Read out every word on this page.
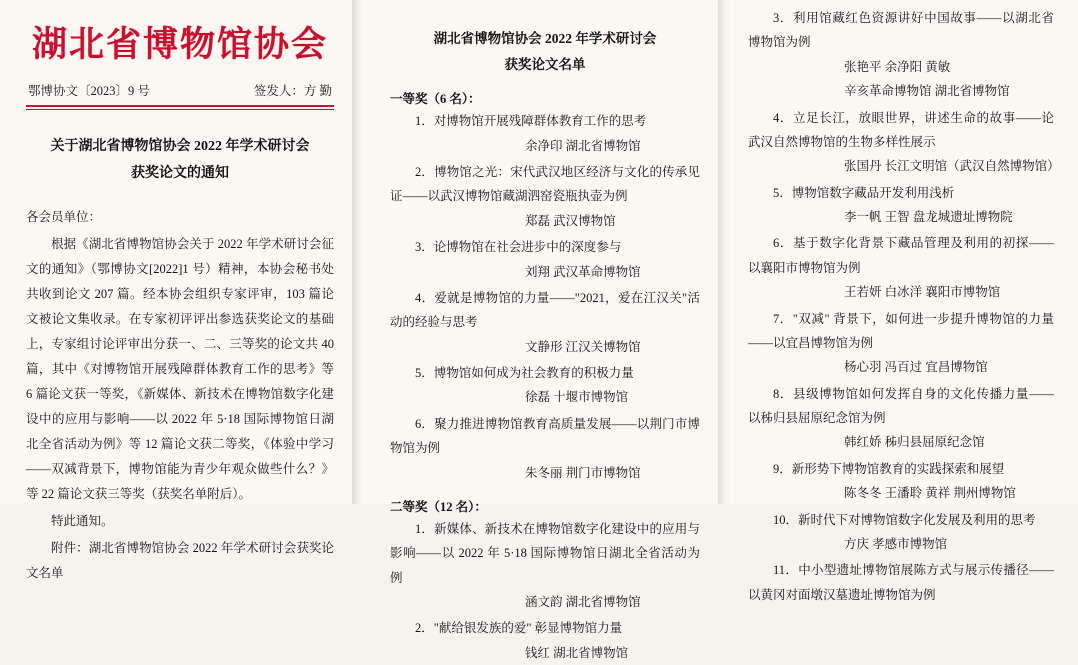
湖北省博物馆协会
鄂博协文〔2023〕9 号	签发人：方 勤
关于湖北省博物馆协会 2022 年学术研讨会
获奖论文的通知

各会员单位：

根据《湖北省博物馆协会关于 2022 年学术研讨会征文的通知》（鄂博协文[2022]1 号）精神，本协会秘书处共收到论文 207 篇。经本协会组织专家评审，103 篇论文被论文集收录。在专家初评评出参选获奖论文的基础上，专家组讨论评审出分获一、二、三等奖的论文共 40 篇，其中《对博物馆开展残障群体教育工作的思考》等 6 篇论文获一等奖，《新媒体、新技术在博物馆数字化建设中的应用与影响——以 2022 年 5·18 国际博物馆日湖北全省活动为例》等 12 篇论文获二等奖，《体验中学习——双减背景下，博物馆能为青少年观众做些什么？》等 22 篇论文获三等奖（获奖名单附后）。

特此通知。

附件：湖北省博物馆协会 2022 年学术研讨会获奖论文名单

湖北省博物馆协会 2022 年学术研讨会
获奖论文名单
一等奖（6 名）：
1．对博物馆开展残障群体教育工作的思考
余净印 湖北省博物馆
2．博物馆之光：宋代武汉地区经济与文化的传承见证——以武汉博物馆藏湖泗窑瓷瓶执壶为例
郑磊 武汉博物馆
3．论博物馆在社会进步中的深度参与
刘翔 武汉革命博物馆
4．爱就是博物馆的力量——"2021，爱在江汉关"活动的经验与思考
文静形 江汉关博物馆
5．博物馆如何成为社会教育的积极力量
徐磊 十堰市博物馆
6．聚力推进博物馆教育高质量发展——以荆门市博物馆为例
朱冬丽 荆门市博物馆
二等奖（12 名）：
1．新媒体、新技术在博物馆数字化建设中的应用与影响——以 2022 年 5·18 国际博物馆日湖北全省活动为例
涵文韵 湖北省博物馆
2．"献给银发族的爱" 彰显博物馆力量
钱红 湖北省博物馆
3．利用馆藏红色资源讲好中国故事——以湖北省博物馆为例
张艳平 余净阳 黄敏
辛亥革命博物馆 湖北省博物馆
4．立足长江，放眼世界，讲述生命的故事——论武汉自然博物馆的生物多样性展示
张国丹 长江文明馆（武汉自然博物馆）
5．博物馆数字藏品开发利用浅析
李一帆 王智 盘龙城遗址博物院
6．基于数字化背景下藏品管理及利用的初探——以襄阳市博物馆为例
王若妍 白冰洋 襄阳市博物馆
7．"双减" 背景下，如何进一步提升博物馆的力量——以宜昌博物馆为例
杨心羽 冯百过 宜昌博物馆
8．县级博物馆如何发挥自身的文化传播力量——以秭归县屈原纪念馆为例
韩红娇 秭归县屈原纪念馆
9．新形势下博物馆教育的实践探索和展望
陈冬冬 王潘聆 黄祥 荆州博物馆
10．新时代下对博物馆数字化发展及利用的思考
方庆 孝感市博物馆
11．中小型遗址博物馆展陈方式与展示传播径——以黄冈对面墩汉墓遗址博物馆为例
